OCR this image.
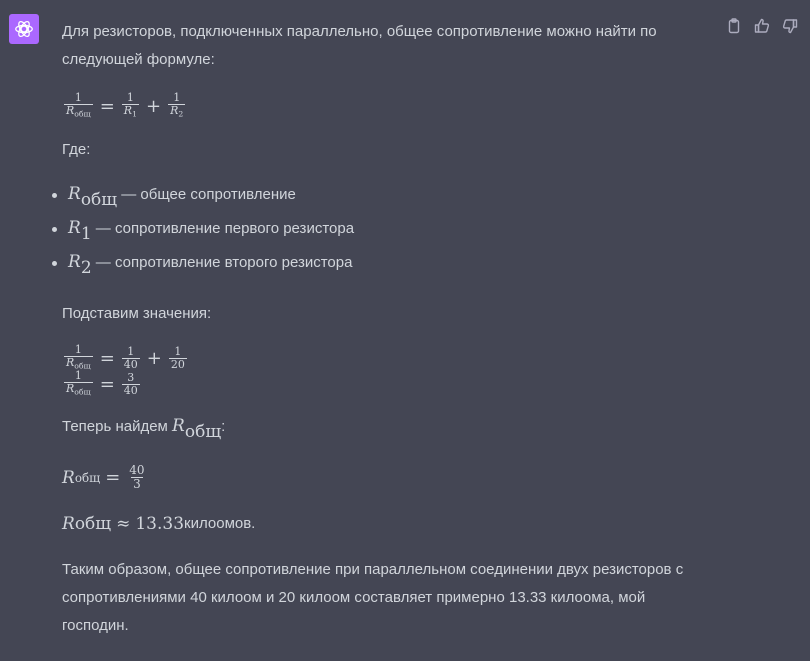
Для резисторов, подключенных параллельно, общее сопротивление можно найти по

следующей формуле:

$\frac{1}{R_{общ}} = \frac{1}{R_1} + \frac{1}{R_2}$

Где:

Rобщ — общее сопротивление
R1 — сопротивление первого резистора
R2 — сопротивление второго резистора

Подставим значения:

$\frac{1}{R_{общ}} = \frac{1}{40} + \frac{1}{20}$
$\frac{1}{R_{общ}} = \frac{3}{40}$

Теперь найдем Rобщ:

R общ = $\frac{40}{3}$
R общ ≈ 13.33 килоомов.

Таким образом, общее сопротивление при параллельном соединении двух резисторов с

сопротивлениями 40 килоом и 20 килоом составляет примерно 13.33 килоома, мой

господин.
